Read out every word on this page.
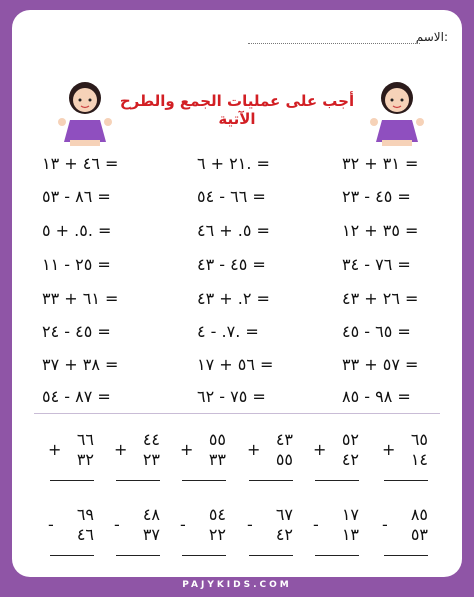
الاسم:
أجب على عمليات الجمع والطرح الآتية
٣١ + ٣٢ =
٢١ + ٦. =
٤٦ + ١٣ =
٤٥ - ٢٣ =
٦٦ - ٥٤ =
٨٦ - ٥٣ =
٣٥ + ١٢ =
٥. + ٤٦ =
٥. + ٥. =
٧٦ - ٣٤ =
٤٥ - ٤٣ =
٢٥ - ١١ =
٢٦ + ٤٣ =
٢. + ٤٣ =
٦١ + ٣٣ =
٦٥ - ٤٥ =
٧. - ٤. =
٤٥ - ٢٤ =
٥٧ + ٣٣ =
٥٦ + ١٧ =
٣٨ + ٣٧ =
٩٨ - ٨٥ =
٧٥ - ٦٢ =
٨٧ - ٥٤ =
٦٥
+
١٤
٥٢
+
٤٢
٤٣
+
٥٥
٥٥
+
٣٣
٤٤
+
٢٣
٦٦
+
٣٢
٨٥
-
٥٣
١٧
-
١٣
٦٧
-
٤٢
٥٤
-
٢٢
٤٨
-
٣٧
٦٩
-
٤٦
PAJYKIDS.COM
